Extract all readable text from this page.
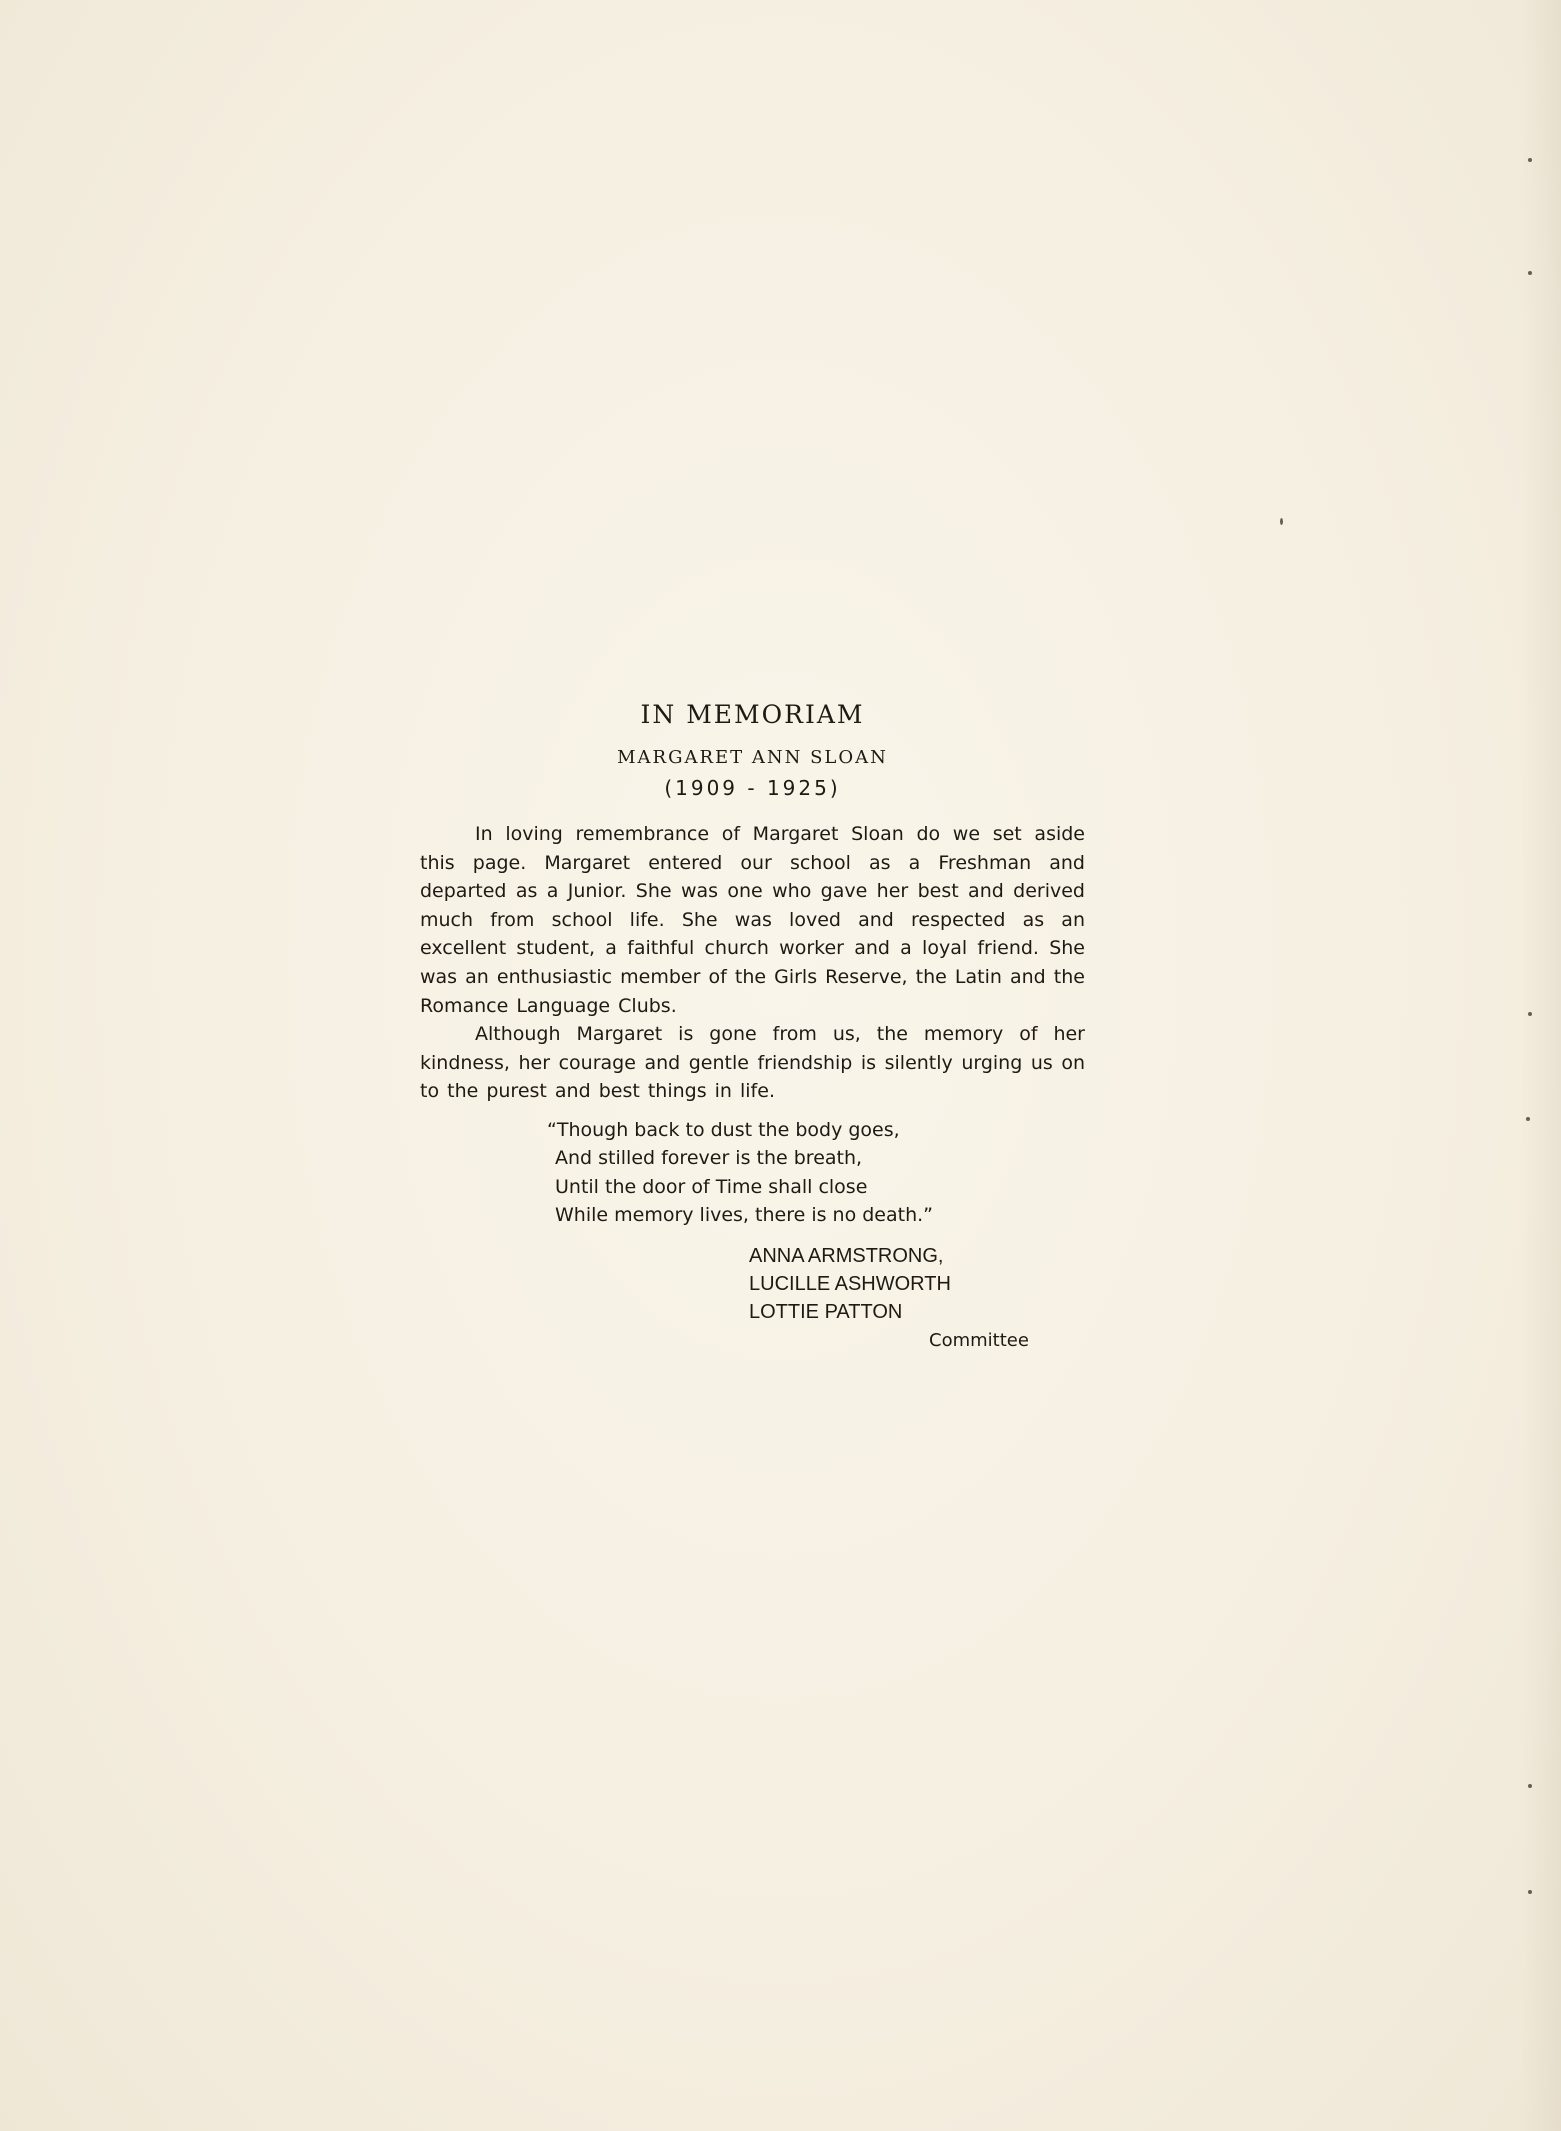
IN MEMORIAM

MARGARET ANN SLOAN

(1909 - 1925)

In loving remembrance of Margaret Sloan do we set aside this page. Margaret entered our school as a Freshman and departed as a Junior. She was one who gave her best and derived much from school life. She was loved and respected as an excellent student, a faithful church worker and a loyal friend. She was an enthusiastic member of the Girls Reserve, the Latin and the Romance Language Clubs.

Although Margaret is gone from us, the memory of her kindness, her courage and gentle friendship is silently urging us on to the purest and best things in life.

“Though back to dust the body goes,
And stilled forever is the breath,
Until the door of Time shall close
While memory lives, there is no death.”
ANNA ARMSTRONG,
LUCILLE ASHWORTH
LOTTIE PATTON
Committee
